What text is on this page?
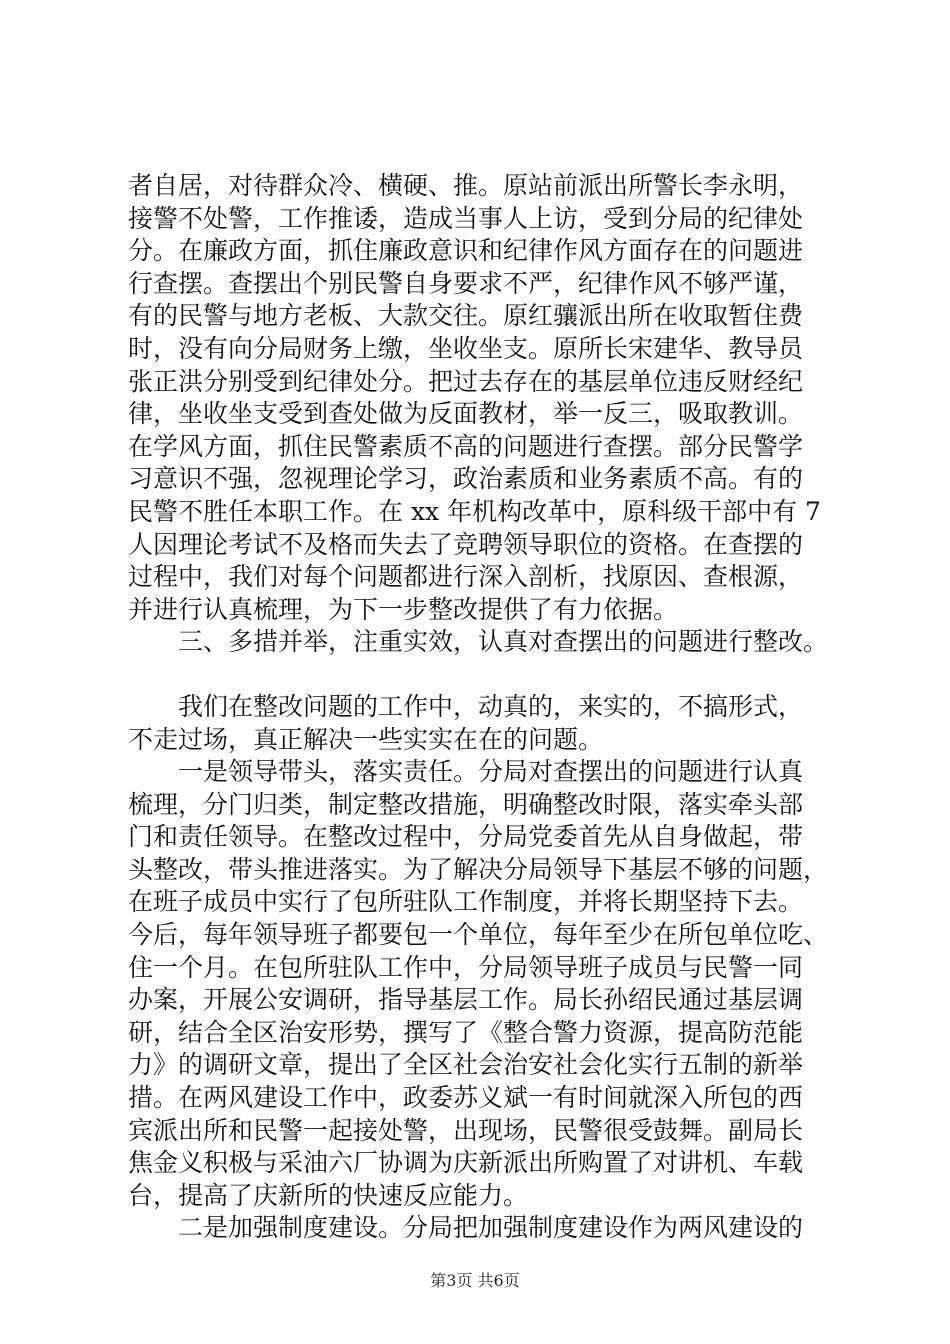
者自居，对待群众冷、横硬、推。原站前派出所警长李永明，
接警不处警，工作推诿，造成当事人上访，受到分局的纪律处
分。在廉政方面，抓住廉政意识和纪律作风方面存在的问题进
行查摆。查摆出个别民警自身要求不严，纪律作风不够严谨，
有的民警与地方老板、大款交往。原红骧派出所在收取暂住费
时，没有向分局财务上缴，坐收坐支。原所长宋建华、教导员
张正洪分别受到纪律处分。把过去存在的基层单位违反财经纪
律，坐收坐支受到查处做为反面教材，举一反三，吸取教训。
在学风方面，抓住民警素质不高的问题进行查摆。部分民警学
习意识不强，忽视理论学习，政治素质和业务素质不高。有的
民警不胜任本职工作。在 xx 年机构改革中，原科级干部中有 7
人因理论考试不及格而失去了竞聘领导职位的资格。在查摆的
过程中，我们对每个问题都进行深入剖析，找原因、查根源，
并进行认真梳理，为下一步整改提供了有力依据。
　　三、多措并举，注重实效，认真对查摆出的问题进行整改。
　　我们在整改问题的工作中，动真的，来实的，不搞形式，
不走过场，真正解决一些实实在在的问题。
　　一是领导带头，落实责任。分局对查摆出的问题进行认真
梳理，分门归类，制定整改措施，明确整改时限，落实牵头部
门和责任领导。在整改过程中，分局党委首先从自身做起，带
头整改，带头推进落实。为了解决分局领导下基层不够的问题，
在班子成员中实行了包所驻队工作制度，并将长期坚持下去。
今后，每年领导班子都要包一个单位，每年至少在所包单位吃、
住一个月。在包所驻队工作中，分局领导班子成员与民警一同
办案，开展公安调研，指导基层工作。局长孙绍民通过基层调
研，结合全区治安形势，撰写了《整合警力资源，提高防范能
力》的调研文章，提出了全区社会治安社会化实行五制的新举
措。在两风建设工作中，政委苏义斌一有时间就深入所包的西
宾派出所和民警一起接处警，出现场，民警很受鼓舞。副局长
焦金义积极与采油六厂协调为庆新派出所购置了对讲机、车载
台，提高了庆新所的快速反应能力。
　　二是加强制度建设。分局把加强制度建设作为两风建设的
第3页 共6页
